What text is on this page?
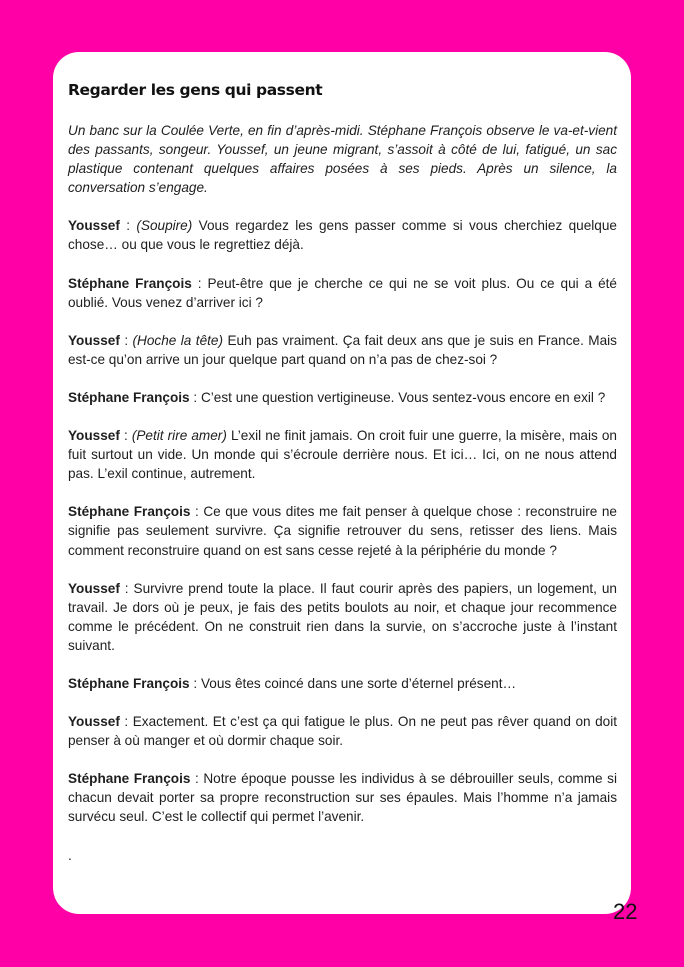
Regarder les gens qui passent

Un banc sur la Coulée Verte, en fin d’après-midi. Stéphane François observe le va-et-vient des passants, songeur. Youssef, un jeune migrant, s’assoit à côté de lui, fatigué, un sac plastique contenant quelques affaires posées à ses pieds. Après un silence, la conversation s’engage.

Youssef : (Soupire) Vous regardez les gens passer comme si vous cherchiez quelque chose… ou que vous le regrettiez déjà.

Stéphane François : Peut-être que je cherche ce qui ne se voit plus. Ou ce qui a été oublié. Vous venez d’arriver ici ?

Youssef : (Hoche la tête) Euh pas vraiment. Ça fait deux ans que je suis en France. Mais est-ce qu’on arrive un jour quelque part quand on n’a pas de chez-soi ?

Stéphane François : C’est une question vertigineuse. Vous sentez-vous encore en exil ?

Youssef : (Petit rire amer) L’exil ne finit jamais. On croit fuir une guerre, la misère, mais on fuit surtout un vide. Un monde qui s’écroule derrière nous. Et ici… Ici, on ne nous attend pas. L’exil continue, autrement.

Stéphane François : Ce que vous dites me fait penser à quelque chose : reconstruire ne signifie pas seulement survivre. Ça signifie retrouver du sens, retisser des liens. Mais comment reconstruire quand on est sans cesse rejeté à la périphérie du monde ?

Youssef : Survivre prend toute la place. Il faut courir après des papiers, un logement, un travail. Je dors où je peux, je fais des petits boulots au noir, et chaque jour recommence comme le précédent. On ne construit rien dans la survie, on s’accroche juste à l’instant suivant.

Stéphane François : Vous êtes coincé dans une sorte d’éternel présent…

Youssef : Exactement. Et c’est ça qui fatigue le plus. On ne peut pas rêver quand on doit penser à où manger et où dormir chaque soir.

Stéphane François : Notre époque pousse les individus à se débrouiller seuls, comme si chacun devait porter sa propre reconstruction sur ses épaules. Mais l’homme n’a jamais survécu seul. C’est le collectif qui permet l’avenir.

.

22
